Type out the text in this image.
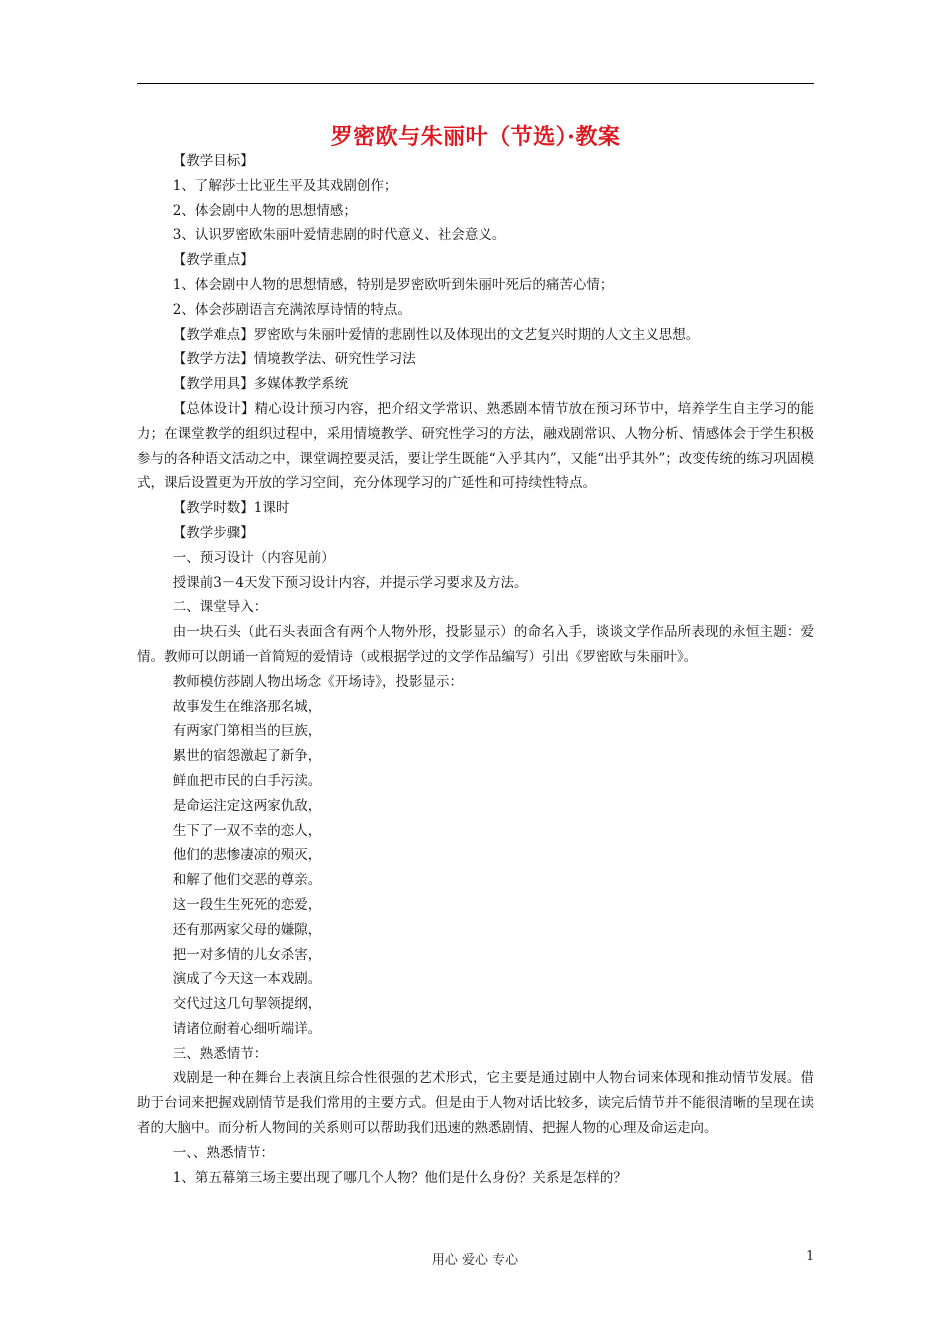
罗密欧与朱丽叶（节选）·教案

【教学目标】

1、了解莎士比亚生平及其戏剧创作；

2、体会剧中人物的思想情感；

3、认识罗密欧朱丽叶爱情悲剧的时代意义、社会意义。

【教学重点】

1、体会剧中人物的思想情感，特别是罗密欧听到朱丽叶死后的痛苦心情；

2、体会莎剧语言充满浓厚诗情的特点。

【教学难点】罗密欧与朱丽叶爱情的悲剧性以及体现出的文艺复兴时期的人文主义思想。

【教学方法】情境教学法、研究性学习法

【教学用具】多媒体教学系统

【总体设计】精心设计预习内容，把介绍文学常识、熟悉剧本情节放在预习环节中，培养学生自主学习的能力；在课堂教学的组织过程中，采用情境教学、研究性学习的方法，融戏剧常识、人物分析、情感体会于学生积极参与的各种语文活动之中，课堂调控要灵活，要让学生既能“入乎其内”，又能“出乎其外”；改变传统的练习巩固模式，课后设置更为开放的学习空间，充分体现学习的广延性和可持续性特点。

【教学时数】1课时

【教学步骤】

一、预习设计（内容见前）

授课前3－4天发下预习设计内容，并提示学习要求及方法。

二、课堂导入：

由一块石头（此石头表面含有两个人物外形，投影显示）的命名入手，谈谈文学作品所表现的永恒主题：爱情。教师可以朗诵一首简短的爱情诗（或根据学过的文学作品编写）引出《罗密欧与朱丽叶》。

教师模仿莎剧人物出场念《开场诗》，投影显示：

故事发生在维洛那名城，

有两家门第相当的巨族，

累世的宿怨激起了新争，

鲜血把市民的白手污渎。

是命运注定这两家仇敌，

生下了一双不幸的恋人，

他们的悲惨凄凉的殒灭，

和解了他们交恶的尊亲。

这一段生生死死的恋爱，

还有那两家父母的嫌隙，

把一对多情的儿女杀害，

演成了今天这一本戏剧。

交代过这几句挈领提纲，

请诸位耐着心细听端详。

三、熟悉情节：

戏剧是一种在舞台上表演且综合性很强的艺术形式，它主要是通过剧中人物台词来体现和推动情节发展。借助于台词来把握戏剧情节是我们常用的主要方式。但是由于人物对话比较多，读完后情节并不能很清晰的呈现在读者的大脑中。而分析人物间的关系则可以帮助我们迅速的熟悉剧情、把握人物的心理及命运走向。

一、、熟悉情节：

1、第五幕第三场主要出现了哪几个人物？他们是什么身份？关系是怎样的？

用心 爱心 专心	1
